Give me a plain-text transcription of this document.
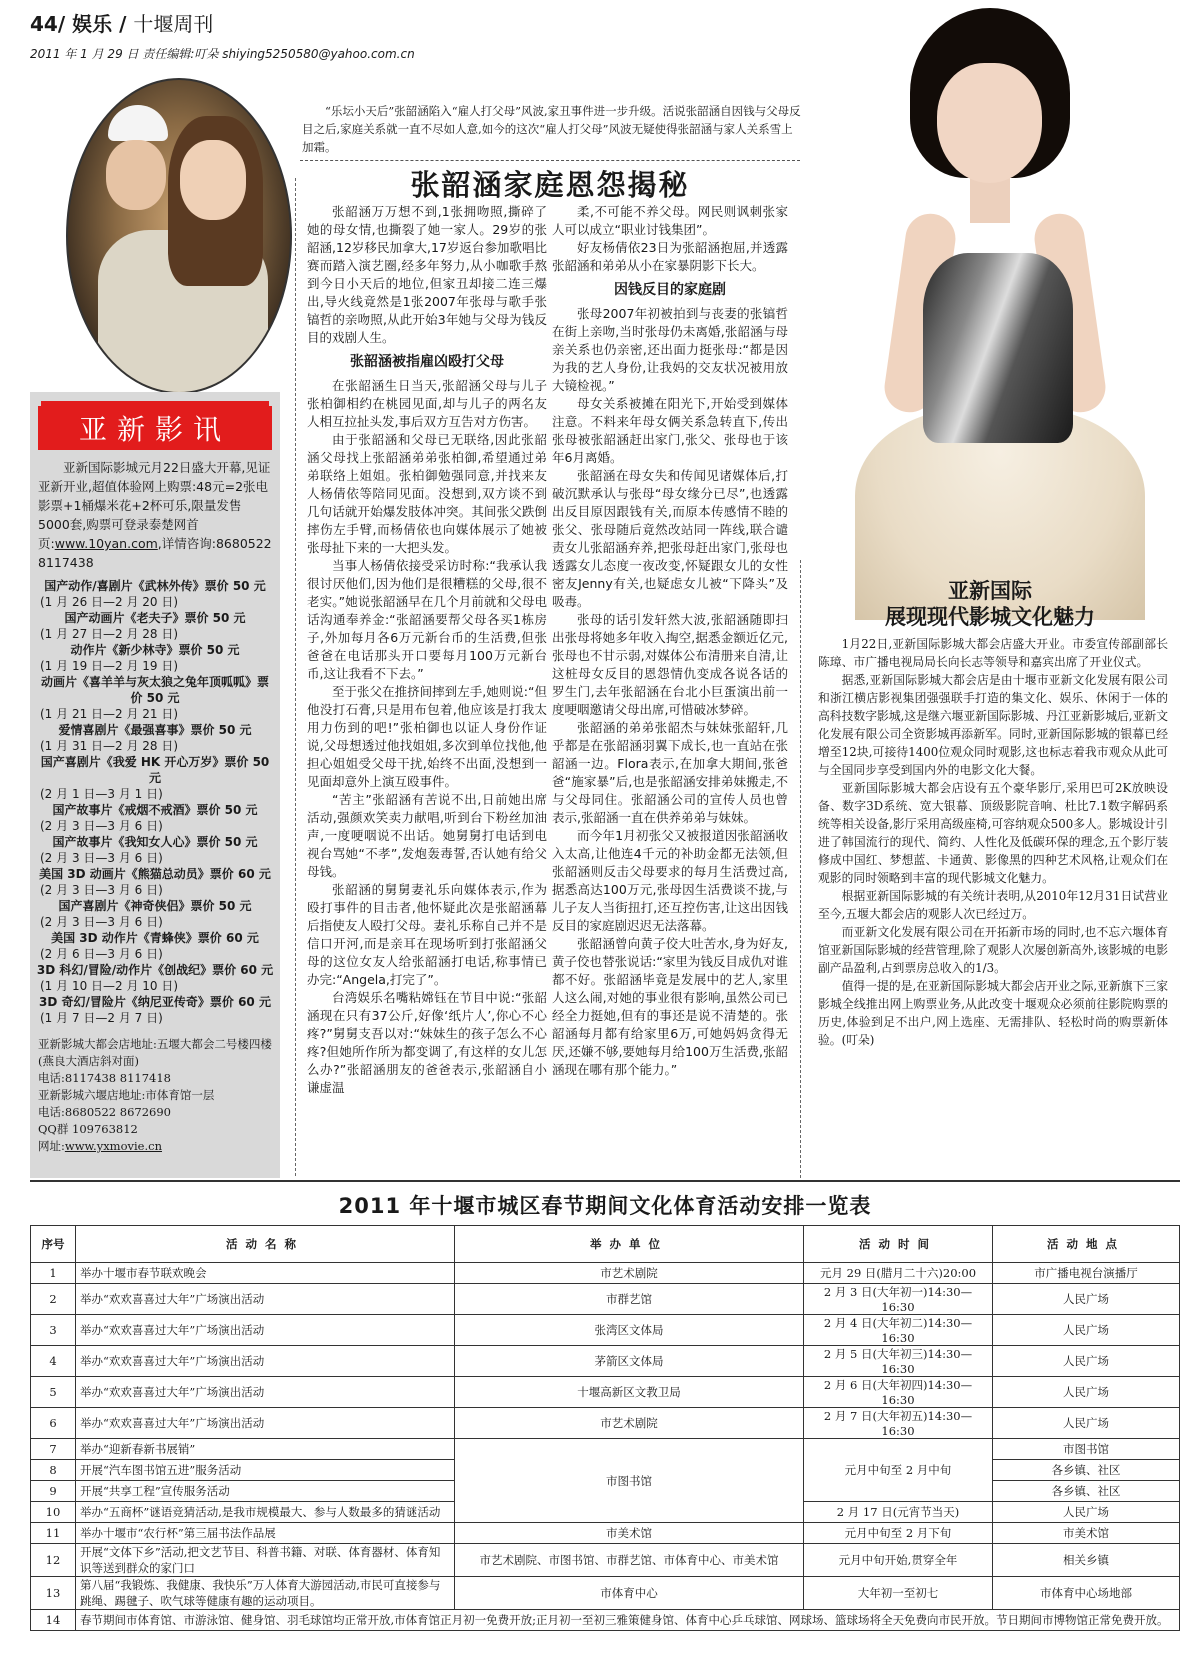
44/ 娱乐 / 十堰周刊
2011 年 1 月 29 日 责任编辑:叮朵 shiying5250580@yahoo.com.cn
“乐坛小天后”张韶涵陷入“雇人打父母”风波,家丑事件进一步升级。活说张韶涵自因钱与父母反目之后,家庭关系就一直不尽如人意,如今的这次“雇人打父母”风波无疑使得张韶涵与家人关系雪上加霜。
张韶涵家庭恩怨揭秘

张韶涵万万想不到,1张拥吻照,撕碎了她的母女情,也撕裂了她一家人。29岁的张韶涵,12岁移民加拿大,17岁返台参加歌唱比赛而踏入演艺圈,经多年努力,从小咖歌手熬到今日小天后的地位,但家丑却接二连三爆出,导火线竟然是1张2007年张母与歌手张镐哲的亲吻照,从此开始3年她与父母为钱反目的戏剧人生。

张韶涵被指雇凶殴打父母

在张韶涵生日当天,张韶涵父母与儿子张柏御相约在桃园见面,却与儿子的两名友人相互拉扯头发,事后双方互告对方伤害。

由于张韶涵和父母已无联络,因此张韶涵父母找上张韶涵弟弟张柏御,希望通过弟弟联络上姐姐。张柏御勉强同意,并找来友人杨倩依等陪同见面。没想到,双方谈不到几句话就开始爆发肢体冲突。其间张父跌倒摔伤左手臂,而杨倩依也向媒体展示了她被张母扯下来的一大把头发。

当事人杨倩依接受采访时称:“我承认我很讨厌他们,因为他们是很糟糕的父母,很不老实。”她说张韶涵早在几个月前就和父母电话沟通奉养金:“张韶涵要帮父母各买1栋房子,外加每月各6万元新台币的生活费,但张爸爸在电话那头开口要每月100万元新台币,这让我看不下去。”

至于张父在推挤间摔到左手,她则说:“但他没打石膏,只是用布包着,他应该是打我太用力伤到的吧!”张柏御也以证人身份作证说,父母想透过他找姐姐,多次到单位找他,他担心姐姐受父母干扰,始终不出面,没想到一见面却意外上演互殴事件。

“苦主”张韶涵有苦说不出,日前她出席活动,强颜欢笑卖力献唱,听到台下粉丝加油声,一度哽咽说不出话。她舅舅打电话到电视台骂她“不孝”,发炮轰毒誓,否认她有给父母钱。

张韶涵的舅舅妻礼乐向媒体表示,作为殴打事件的目击者,他怀疑此次是张韶涵幕后指使友人殴打父母。妻礼乐称自己并不是信口开河,而是亲耳在现场听到打张韶涵父母的这位女友人给张韶涵打电话,称事情已办完:“Angela,打完了”。

台湾娱乐名嘴粘嫦钰在节目中说:“张韶涵现在只有37公斤,好像‘纸片人’,你心不心疼?”舅舅支吾以对:“妹妹生的孩子怎么不心疼?但她所作所为都变调了,有这样的女儿怎么办?”张韶涵朋友的爸爸表示,张韶涵自小谦虚温

柔,不可能不养父母。网民则讽刺张家人可以成立“职业讨钱集团”。

好友杨倩依23日为张韶涵抱屈,并透露张韶涵和弟弟从小在家暴阴影下长大。

因钱反目的家庭剧

张母2007年初被拍到与丧妻的张镐哲在街上亲吻,当时张母仍未离婚,张韶涵与母亲关系也仍亲密,还出面力挺张母:“都是因为我的艺人身份,让我妈的交友状况被用放大镜检视。”

母女关系被摊在阳光下,开始受到媒体注意。不料来年母女俩关系急转直下,传出张母被张韶涵赶出家门,张父、张母也于该年6月离婚。

张韶涵在母女失和传闻见诸媒体后,打破沉默承认与张母“母女缘分已尽”,也透露出反目原因跟钱有关,而原本传感情不睦的张父、张母随后竟然改站同一阵线,联合谴责女儿张韶涵弃养,把张母赶出家门,张母也透露女儿态度一夜改变,怀疑跟女儿的女性密友Jenny有关,也疑虑女儿被“下降头”及吸毒。

张母的话引发轩然大波,张韶涵随即扫出张母将她多年收入掏空,据悉金额近亿元,张母也不甘示弱,对媒体公布清册来自清,让这桩母女反目的恩怨情仇变成各说各话的罗生门,去年张韶涵在台北小巨蛋演出前一度哽咽邀请父母出席,可惜破冰梦碎。

张韶涵的弟弟张韶杰与妹妹张韶轩,几乎都是在张韶涵羽翼下成长,也一直站在张韶涵一边。Flora表示,在加拿大期间,张爸爸“施家暴”后,也是张韶涵安排弟妹搬走,不与父母同住。张韶涵公司的宣传人员也曾表示,张韶涵一直在供养弟弟与妹妹。

而今年1月初张父又被报道因张韶涵收入太高,让他连4千元的补助金都无法领,但张韶涵则反击父母要求的每月生活费过高,据悉高达100万元,张母因生活费谈不拢,与儿子友人当街扭打,还互控伤害,让这出因钱反目的家庭剧迟迟无法落幕。

张韶涵曾向黄子佼大吐苦水,身为好友,黄子佼也替张说话:“家里为钱反目成仇对谁都不好。张韶涵毕竟是发展中的艺人,家里人这么闹,对她的事业很有影响,虽然公司已经全力挺她,但有的事还是说不清楚的。张韶涵每月都有给家里6万,可她妈妈贪得无厌,还嫌不够,要她每月给100万生活费,张韶涵现在哪有那个能力。”

亚新影讯
亚新国际影城元月22日盛大开幕,见证亚新开业,超值体验网上购票:48元=2张电影票+1桶爆米花+2杯可乐,限量发售5000套,购票可登录泰楚网首页:www.10yan.com,详情咨询:8680522 8117438
国产动作/喜剧片《武林外传》票价 50 元
(1 月 26 日—2 月 20 日)
国产动画片《老夫子》票价 50 元
(1 月 27 日—2 月 28 日)
动作片《新少林寺》票价 50 元
(1 月 19 日—2 月 19 日)
动画片《喜羊羊与灰太狼之兔年顶呱呱》票价 50 元
(1 月 21 日—2 月 21 日)
爱情喜剧片《最强喜事》票价 50 元
(1 月 31 日—2 月 28 日)
国产喜剧片《我爱 HK 开心万岁》票价 50 元
(2 月 1 日—3 月 1 日)
国产故事片《戒烟不戒酒》票价 50 元
(2 月 3 日—3 月 6 日)
国产故事片《我知女人心》票价 50 元
(2 月 3 日—3 月 6 日)
美国 3D 动画片《熊猫总动员》票价 60 元
(2 月 3 日—3 月 6 日)
国产喜剧片《神奇侠侣》票价 50 元
(2 月 3 日—3 月 6 日)
美国 3D 动作片《青蜂侠》票价 60 元
(2 月 6 日—3 月 6 日)
3D 科幻/冒险/动作片《创战纪》票价 60 元
(1 月 10 日—2 月 10 日)
3D 奇幻/冒险片《纳尼亚传奇》票价 60 元
(1 月 7 日—2 月 7 日)
亚新影城大都会店地址:五堰大都会二号楼四楼(燕良大酒店斜对面)
电话:8117438 8117418
亚新影城六堰店地址:市体育馆一层
电话:8680522 8672690
QQ群 109763812
网址:www.yxmovie.cn
亚新国际
展现现代影城文化魅力

1月22日,亚新国际影城大都会店盛大开业。市委宣传部副部长陈璋、市广播电视局局长向长志等领导和嘉宾出席了开业仪式。

据悉,亚新国际影城大都会店是由十堰市亚新文化发展有限公司和浙江横店影视集团强强联手打造的集文化、娱乐、休闲于一体的高科技数字影城,这是继六堰亚新国际影城、丹江亚新影城后,亚新文化发展有限公司全资影城再添新军。同时,亚新国际影城的银幕已经增至12块,可接待1400位观众同时观影,这也标志着我市观众从此可与全国同步享受到国内外的电影文化大餐。

亚新国际影城大都会店设有五个豪华影厅,采用巴可2K放映设备、数字3D系统、宽大银幕、顶级影院音响、杜比7.1数字解码系统等相关设备,影厅采用高级座椅,可容纳观众500多人。影城设计引进了韩国流行的现代、简约、人性化及低碳环保的理念,五个影厅装修成中国红、梦想蓝、卡通黄、影像黑的四种艺术风格,让观众们在观影的同时领略到丰富的现代影城文化魅力。

根据亚新国际影城的有关统计表明,从2010年12月31日试营业至今,五堰大都会店的观影人次已经过万。

而亚新文化发展有限公司在开拓新市场的同时,也不忘六堰体育馆亚新国际影城的经营管理,除了观影人次屡创新高外,该影城的电影副产品盈利,占到票房总收入的1/3。

值得一提的是,在亚新国际影城大都会店开业之际,亚新旗下三家影城全线推出网上购票业务,从此改变十堰观众必须前往影院购票的历史,体验到足不出户,网上选座、无需排队、轻松时尚的购票新体验。(叮朵)

2011 年十堰市城区春节期间文化体育活动安排一览表
序号	活动名称	举办单位	活动时间	活动地点
1	举办十堰市春节联欢晚会	市艺术剧院	元月 29 日(腊月二十六)20:00	市广播电视台演播厅
2	举办“欢欢喜喜过大年”广场演出活动	市群艺馆	2 月 3 日(大年初一)14:30—16:30	人民广场
3	举办“欢欢喜喜过大年”广场演出活动	张湾区文体局	2 月 4 日(大年初二)14:30—16:30	人民广场
4	举办“欢欢喜喜过大年”广场演出活动	茅箭区文体局	2 月 5 日(大年初三)14:30—16:30	人民广场
5	举办“欢欢喜喜过大年”广场演出活动	十堰高新区文教卫局	2 月 6 日(大年初四)14:30—16:30	人民广场
6	举办“欢欢喜喜过大年”广场演出活动	市艺术剧院	2 月 7 日(大年初五)14:30—16:30	人民广场
7	举办“迎新春新书展销”	市图书馆	元月中旬至 2 月中旬	市图书馆
8	开展“汽车图书馆五进”服务活动			各乡镇、社区
9	开展“共享工程”宣传服务活动			各乡镇、社区
10	举办“五商杯”谜语竞猜活动,是我市规模最大、参与人数最多的猜谜活动		2 月 17 日(元宵节当天)	人民广场
11	举办十堰市“农行杯”第三届书法作品展	市美术馆	元月中旬至 2 月下旬	市美术馆
12	开展“文体下乡”活动,把文艺节目、科普书籍、对联、体育器材、体育知识等送到群众的家门口	市艺术剧院、市图书馆、市群艺馆、市体育中心、市美术馆	元月中旬开始,贯穿全年	相关乡镇
13	第八届“我锻炼、我健康、我快乐”万人体育大游园活动,市民可直接参与跳绳、踢毽子、吹气球等健康有趣的运动项目。	市体育中心	大年初一至初七	市体育中心场地部
14	春节期间市体育馆、市游泳馆、健身馆、羽毛球馆均正常开放,市体育馆正月初一免费开放;正月初一至初三雅策健身馆、体育中心乒乓球馆、网球场、篮球场将全天免费向市民开放。节日期间市博物馆正常免费开放。			
